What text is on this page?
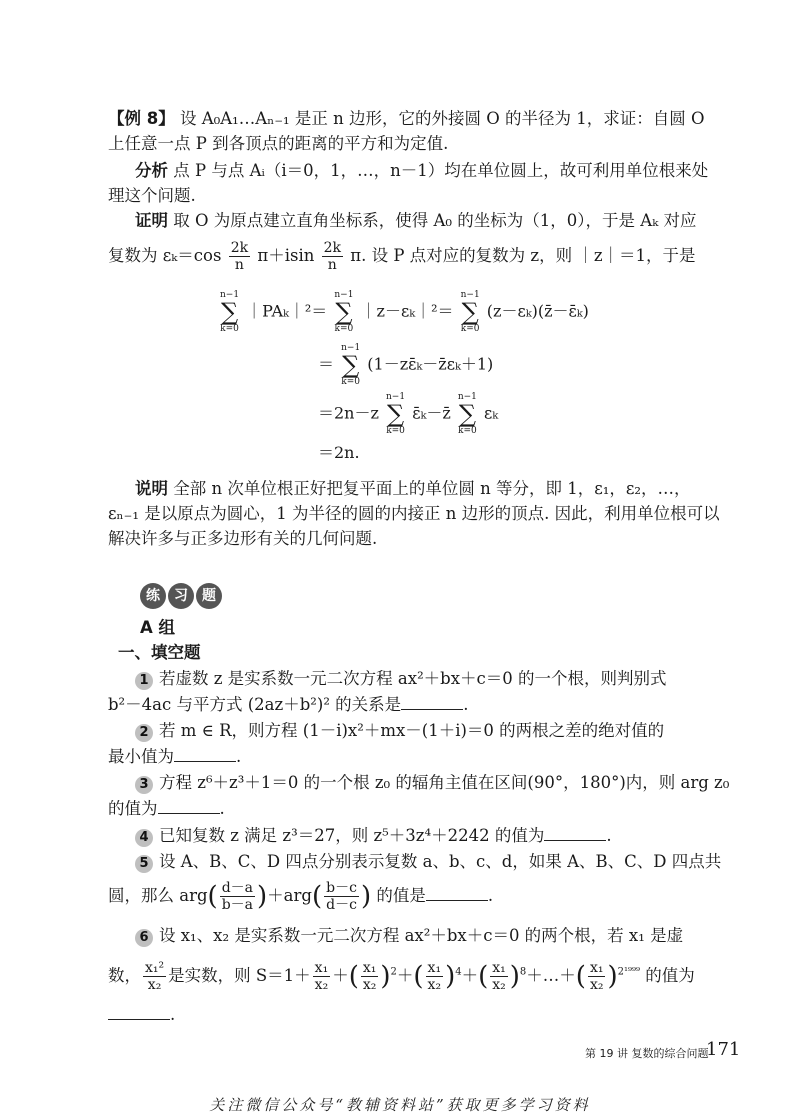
【例 8】 设 A₀A₁…Aₙ₋₁ 是正 n 边形，它的外接圆 O 的半径为 1，求证：自圆 O
上任意一点 P 到各顶点的距离的平方和为定值.
分析 点 P 与点 Aᵢ（i＝0，1，…，n－1）均在单位圆上，故可利用单位根来处
理这个问题.
证明 取 O 为原点建立直角坐标系，使得 A₀ 的坐标为（1，0），于是 Aₖ 对应
复数为 $\varepsilon_k=\cos \frac{2k}{n} \pi+isin \frac{2k}{n} \pi$. 设 P 点对应的复数为 z，则 ｜z｜＝1，于是
n−1
∑
k=0
｜PAₖ｜²＝
n−1
∑
k=0
｜z－εₖ｜²＝
n−1
∑
k=0
(z－εₖ)(z̄－ε̄ₖ)
＝
n−1
∑
k=0
(1－zε̄ₖ－z̄εₖ＋1)
＝2n－z
n−1
∑
k=0
ε̄ₖ－z̄
n−1
∑
k=0
εₖ
＝2n.
说明 全部 n 次单位根正好把复平面上的单位圆 n 等分，即 1，ε₁，ε₂，…，
εₙ₋₁ 是以原点为圆心，1 为半径的圆的内接正 n 边形的顶点. 因此，利用单位根可以
解决许多与正多边形有关的几何问题.
练 习 题
A 组
一、填空题
1 若虚数 z 是实系数一元二次方程 ax²＋bx＋c＝0 的一个根，则判别式
b²－4ac 与平方式 (2az＋b²)² 的关系是	.
2 若 m ∈ R，则方程 (1－i)x²＋mx－(1＋i)＝0 的两根之差的绝对值的
最小值为	.
3 方程 z⁶＋z³＋1＝0 的一个根 z₀ 的辐角主值在区间(90°，180°)内，则 arg z₀
的值为	.
4 已知复数 z 满足 z³＝27，则 z⁵＋3z⁴＋2242 的值为	.
5 设 A、B、C、D 四点分别表示复数 a、b、c、d，如果 A、B、C、D 四点共
圆，那么 $arg( \frac{d-a}{b-a} )+arg( \frac{b-c}{d-c}$ ) 的值是	.
6 设 x₁、x₂ 是实系数一元二次方程 ax²＋bx＋c＝0 的两个根，若 x₁ 是虚
数， $\frac{\text{x₁²}}{\text{x₂}}$ 是实数，则 $S=1+ \frac{\text{x₁}}{\text{x₂}}$ ＋( $\frac{\text{x₁}}{\text{x₂}} )^2+( \frac{\text{x₁}}{\text{x₂}} )^4+( \frac{\text{x₁}}{\text{x₂}}$ )$^8+\dots+( \frac{\text{x₁}}{\text{x₂}} )^{2^{1999}}$ 的值为
.
第 19 讲 复数的综合问题
171
关注微信公众号“教辅资料站”获取更多学习资料
